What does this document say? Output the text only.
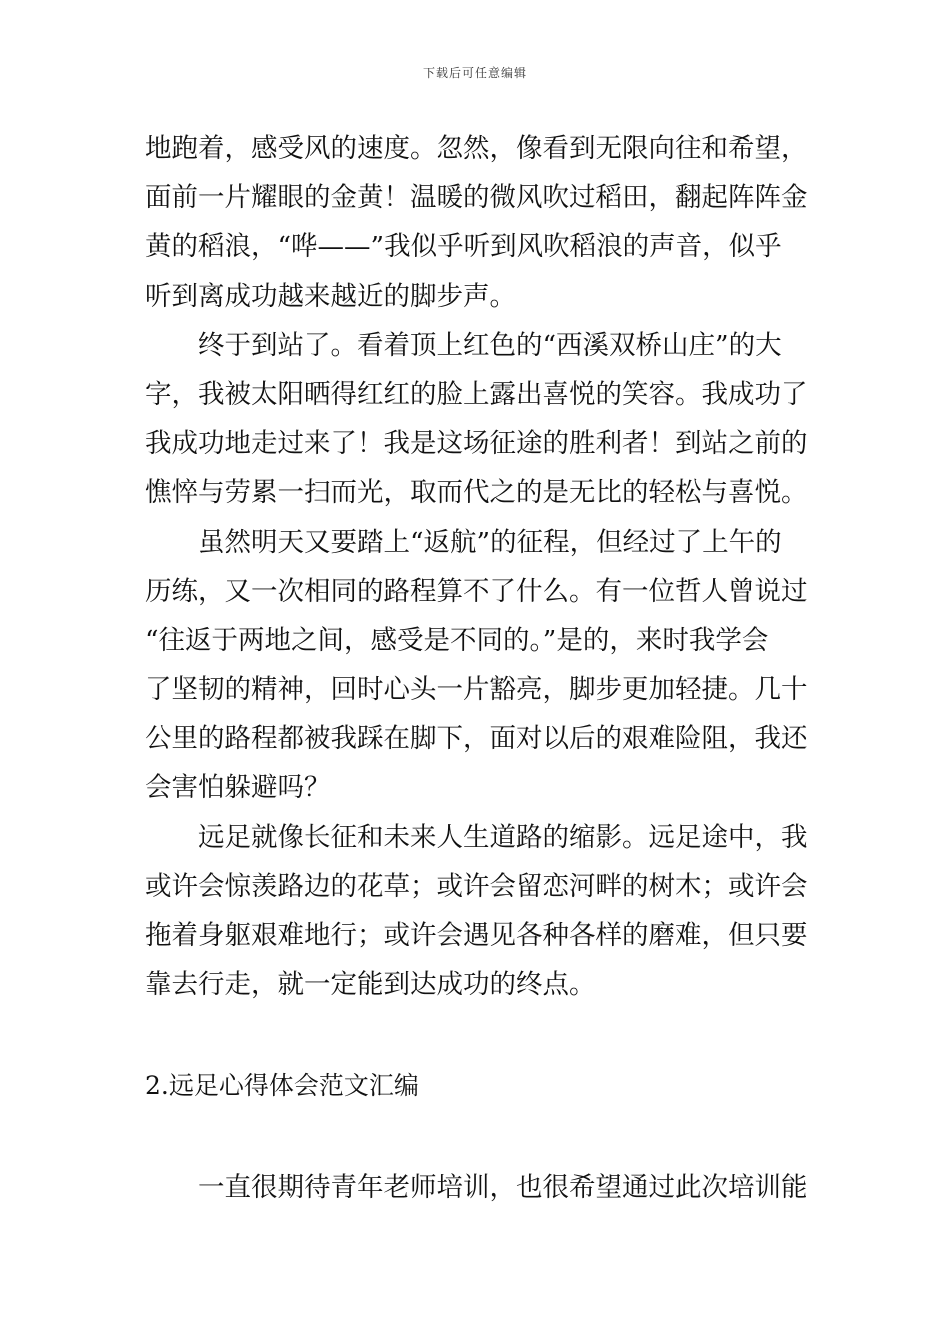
下载后可任意编辑
地跑着，感受风的速度。忽然，像看到无限向往和希望，
面前一片耀眼的金黄！温暖的微风吹过稻田，翻起阵阵金
黄的稻浪，“哗——”我似乎听到风吹稻浪的声音，似乎
听到离成功越来越近的脚步声。
终于到站了。看着顶上红色的“西溪双桥山庄”的大
字，我被太阳晒得红红的脸上露出喜悦的笑容。我成功了
我成功地走过来了！我是这场征途的胜利者！到站之前的
憔悴与劳累一扫而光，取而代之的是无比的轻松与喜悦。
虽然明天又要踏上“返航”的征程，但经过了上午的
历练，又一次相同的路程算不了什么。有一位哲人曾说过
“往返于两地之间，感受是不同的。”是的，来时我学会
了坚韧的精神，回时心头一片豁亮，脚步更加轻捷。几十
公里的路程都被我踩在脚下，面对以后的艰难险阻，我还
会害怕躲避吗？
远足就像长征和未来人生道路的缩影。远足途中，我
或许会惊羡路边的花草；或许会留恋河畔的树木；或许会
拖着身躯艰难地行；或许会遇见各种各样的磨难，但只要
靠去行走，就一定能到达成功的终点。
2.远足心得体会范文汇编
一直很期待青年老师培训，也很希望通过此次培训能
